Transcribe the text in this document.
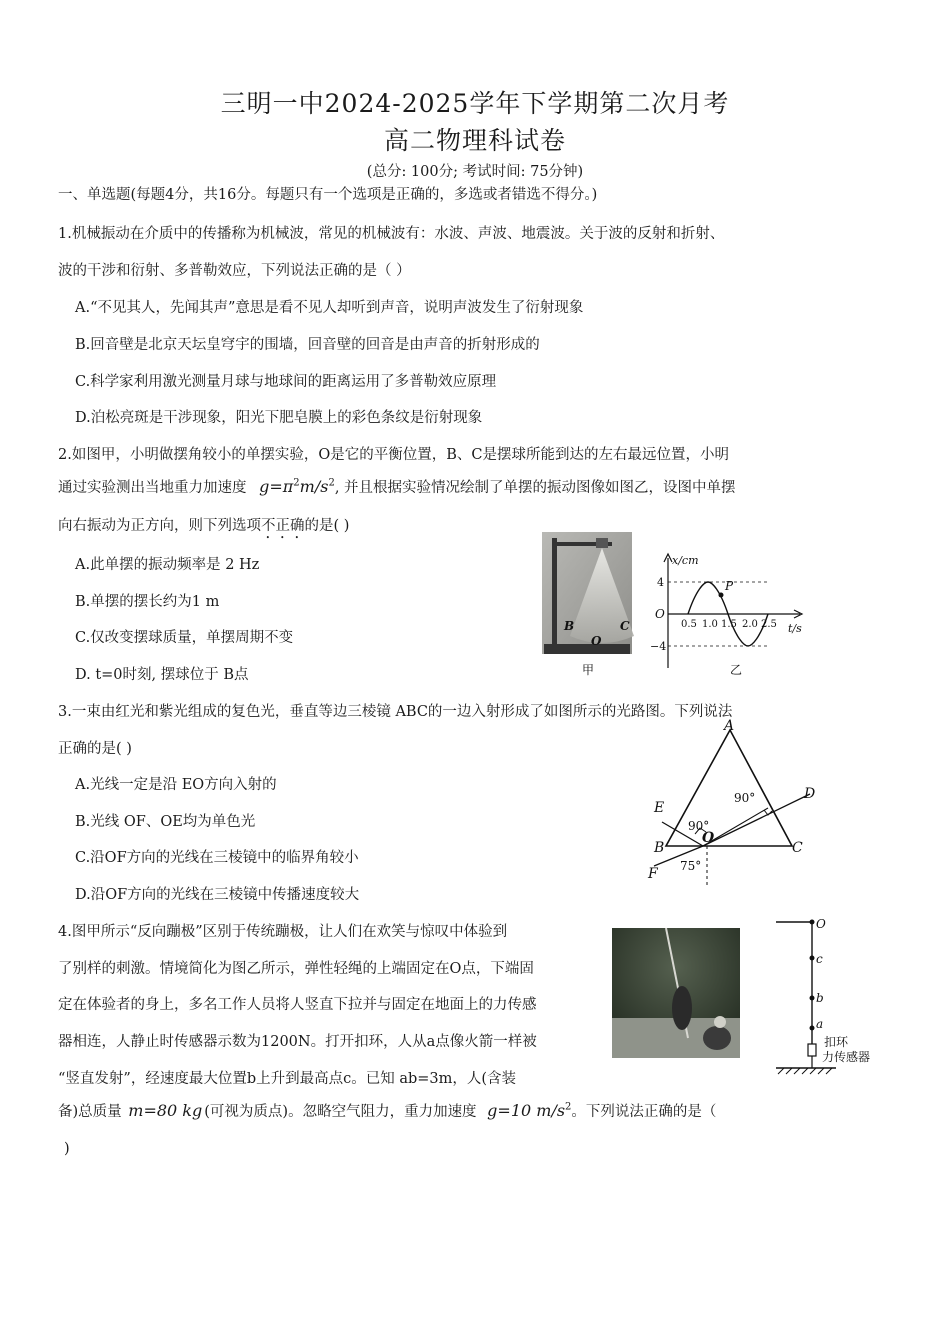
三明一中2024-2025学年下学期第二次月考
高二物理科试卷
(总分: 100分; 考试时间: 75分钟)
一、单选题(每题4分，共16分。每题只有一个选项是正确的，多选或者错选不得分。)
1.机械振动在介质中的传播称为机械波，常见的机械波有：水波、声波、地震波。关于波的反射和折射、
波的干涉和衍射、多普勒效应，下列说法正确的是（ ）
A.“不见其人，先闻其声”意思是看不见人却听到声音，说明声波发生了衍射现象
B.回音壁是北京天坛皇穹宇的围墙，回音壁的回音是由声音的折射形成的
C.科学家利用激光测量月球与地球间的距离运用了多普勒效应原理
D.泊松亮斑是干涉现象，阳光下肥皂膜上的彩色条纹是衍射现象
2.如图甲，小明做摆角较小的单摆实验，O是它的平衡位置，B、C是摆球所能到达的左右最远位置，小明
通过实验测出当地重力加速度 $g=\pi^2m/s^2$, 并且根据实验情况绘制了单摆的振动图像如图乙，设图中单摆
向右振动为正方向，则下列选项不正确的是( )
A.此单摆的振动频率是 2 Hz
B.单摆的摆长约为1 m
C.仅改变摆球质量，单摆周期不变
D. t=0时刻, 摆球位于 B点
B
O
C
甲
x/cm
t/s
O
4
−4
P
0.5 1.0 1.5 2.0 2.5
乙
3.一束由红光和紫光组成的复色光，垂直等边三棱镜 ABC的一边入射形成了如图所示的光路图。下列说法
正确的是( )
A.光线一定是沿 EO方向入射的
B.光线 OF、OE均为单色光
C.沿OF方向的光线在三棱镜中的临界角较小
D.沿OF方向的光线在三棱镜中传播速度较大
A
B	C
D
E
F
O
90°
90°
75°
4.图甲所示“反向蹦极”区别于传统蹦极，让人们在欢笑与惊叹中体验到
了别样的刺激。情境简化为图乙所示，弹性轻绳的上端固定在O点，下端固
定在体验者的身上，多名工作人员将人竖直下拉并与固定在地面上的力传感
器相连，人静止时传感器示数为1200N。打开扣环，人从a点像火箭一样被
“竖直发射”，经速度最大位置b上升到最高点c。已知 ab=3m，人(含装
备)总质量 m=80 kg (可视为质点)。忽略空气阻力，重力加速度 g=10 $m/s^2$。下列说法正确的是（
)
O
c
b
a
扣环
力传感器
